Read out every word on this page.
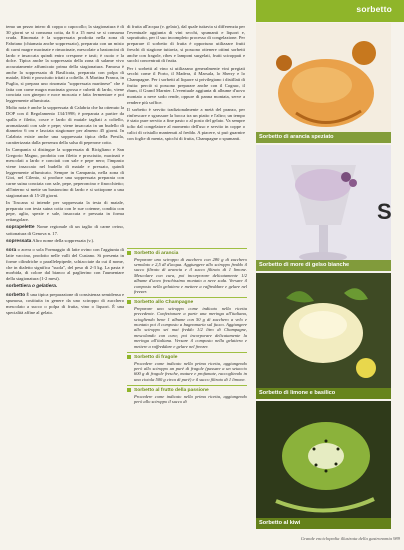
sorbetto

temo un pezzo intero di coppa o capocollo; la stagionatura è di 30 giorni se si consuma cotta, da 6 a 15 mesi se si consuma cruda. Rinomata è la soppressata prodotta nella zona di Fabriano (chiamata anche soppressato), preparata con un misto di carni magre macinate e rimacinate, mescolate a bastoncini di lardo e insaccata quindi entro crespone e tasti; è cuoio e la dolce. Tipica anche la soppressata della zona di salame vivo accuratamente affumicato prima della stagionatura. Famosa è anche la soppressata di Basilicata, preparata con polpa di maiale, filetti e prosciutto tritati a coltello. A Martina Franca, in Puglia, si prepara uno rinomata "soppressata martinese" che è fatta con carne magra macinata grossa e cubetti di lardo, viene conciata con ginepro e noce moscata e fatta fermentare e poi leggermente affumicata.

Molto nota è anche la soppressata di Calabria che ha ottenuto la DOP con il Regolamento 134/1998; è preparata a partire da spalla e filetto, cosce e lardo di maiale tagliati a coltello, aromatizzati con sale e pepe; viene insaccata in un budello di diametro 6 cm e lasciata stagionare per almeno 45 giorni. In Calabria esiste anche una soppressata tipica della Presila, caratterizzata dalla presenza della salsa di peperone cotto.

In Campania si distingue la soppressata di Ricigliano e San Gregorio Magno, prodotta con filetto e prosciutto, macinati e mescolati a lardo e conciati con sale e pepe nero; l'impasto viene insaccato nel budello di maiale e pressato, quindi leggermente affumicato. Sempre in Campania, nella zona di Gioi, nel Cilento, si produce una soppressata preparata con carne suina conciata con sale, pepe, peperoncino e finocchietto; all'interno si mette un bastoncino di lardo e si sottopone a una stagionatura di 15-20 giorni.

In Toscana si intende per soppressata la testa di maiale, preparata con testa suina cotta con le sue cotenne, condita con pepe, aglio, spezie e sale, insaccata e pressata in forma rettangolare.

soprapelette Nome regionale di un taglio di carne ovino, sottonatura di Genova n. 17.

sopressata Altro nome della soppressata (v.).

sora o acera o sola Formaggio di latte ovino con l'aggiunta di latte vaccino, prodotto nelle valli del Cusiano. Si presenta in forme cilindriche o parallelepipede, schiacciate da cui il nome, che in dialetto significa "suola", del peso di 2-3 kg. La pasta è morbida, di colore dal bianco al paglierino con l'aumentare della stagionatura (1-2 mesi).

sorbettiera o gelatiera.

sorbetto È una tipica preparazione di consistenza semidensa e spumosa, costituita in genere da uno sciroppo di zucchero mescolato a succo o polpa di frutta, vino o liquori. È una specialità affine al gelato.

di frutta all'acqua (v. gelato), dal quale tuttavia si differenzia per l'eventuale aggiunta di vini secchi, spumanti e liquori e, soprattutto, per il suo incompleto processo di congelazione. Per preparare il sorbetto di frutta è opportuno utilizzare frutti freschi di stagione tuttavia, si possono ottenere ottimi sorbetti anche con fragole, ribes e lamponi surgelati, frutti sciroppati e succhi concentrati di frutta.

Per i sorbetti al vino si utilizzano generalmente vini pregiati secchi come il Porto, il Madera, il Marsala, lo Sherry e lo Champagne. Per i sorbetti al liquore si privilegiano i distillati di frutta: perciò si possono preparare anche con il Cognac, il rhum, il Grand Marnier. L'eventuale aggiunta di albume d'uovo montato a neve sodo rende, oppure di panna montata, serve a rendere più soffice.

Il sorbetto è servito tradizionalmente a metà del pranzo, per rinfrescare e sgrassare la bocca tra un piatto e l'altro; un tempo è stato pure servito a fine pasto o al posto del gelato. Va sempre tolto dal congelatore al momento dell'uso e servito in coppe o calici di cristallo mantenuti al freddo. A piacere, si può guarnire con foglie di menta, spicchi di frutta, Champagne o spumanti.

Sorbetto di arancia

Preparare uno sciroppo di zucchero con 280 g di zucchero semolato e 2,5 dl d'acqua. Aggiungere allo sciroppo freddo il succo filtrato di arancia e il succo filtrato di 1 limone. Mescolare con cura, poi incorporare delicatamente 1/2 albume d'uovo freschissimo montato a neve soda. Versare il composto nella gelatiera e mettere a raffreddare e gelare nel freezer.

Sorbetto allo Champagne

Preparare uno sciroppo come indicato nella ricetta precedente. Confezionare a parte una meringa all'italiana, sciogliendo bene 1 albume con 50 g di zucchero a velo e montato poi il composto a bagnomaria sul fuoco. Aggiungere allo sciroppo sei mai freddo 1/2 litro di Champagne, mescolando con cura; poi incorporare delicatamente la meringa all'italiana. Versare il composto nella gelatiera e mettere a raffreddare e gelare nel freezer.

Sorbetto di fragole

Procedere come indicato nella prima ricetta, aggiungendo però allo sciroppo un purè di fragole (passare a un setaccio 600 g di fragole fresche, mature e profumate, raccogliendo in una ciotola 500 g circa di purè) e il succo filtrato di 1 limone.

Sorbetto al frutto della passione

Procedere come indicato nella prima ricetta, aggiungendo però allo sciroppo il succo di

Sorbetto di arancia speziato
Sorbetto di more di gelso bianche
Sorbetto di limone e basilico
Sorbetto al kiwi
S
Grande enciclopedia illustrata della gastronomia 989
